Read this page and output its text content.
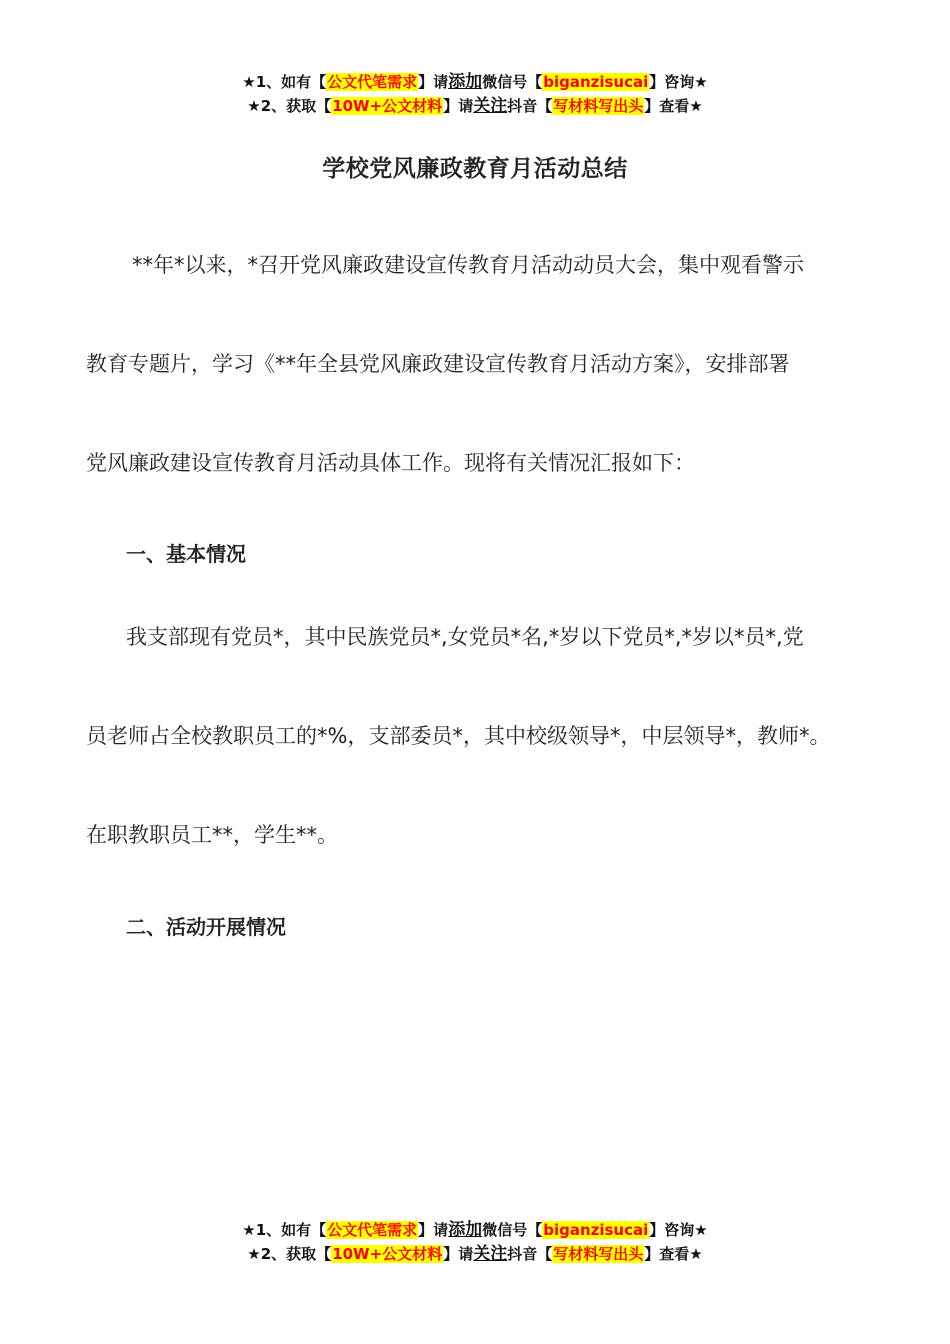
★1、如有【公文代笔需求】请添加微信号【biganzisucai】咨询★
★2、获取【10W+公文材料】请关注抖音【写材料写出头】查看★
学校党风廉政教育月活动总结
**年*以来，*召开党风廉政建设宣传教育月活动动员大会，集中观看警示
教育专题片，学习《**年全县党风廉政建设宣传教育月活动方案》，安排部署
党风廉政建设宣传教育月活动具体工作。现将有关情况汇报如下：
一、基本情况
我支部现有党员*，其中民族党员*,女党员*名,*岁以下党员*,*岁以*员*,党
员老师占全校教职员工的*%，支部委员*，其中校级领导*，中层领导*，教师*。
在职教职员工**，学生**。
二、活动开展情况
★1、如有【公文代笔需求】请添加微信号【biganzisucai】咨询★
★2、获取【10W+公文材料】请关注抖音【写材料写出头】查看★
